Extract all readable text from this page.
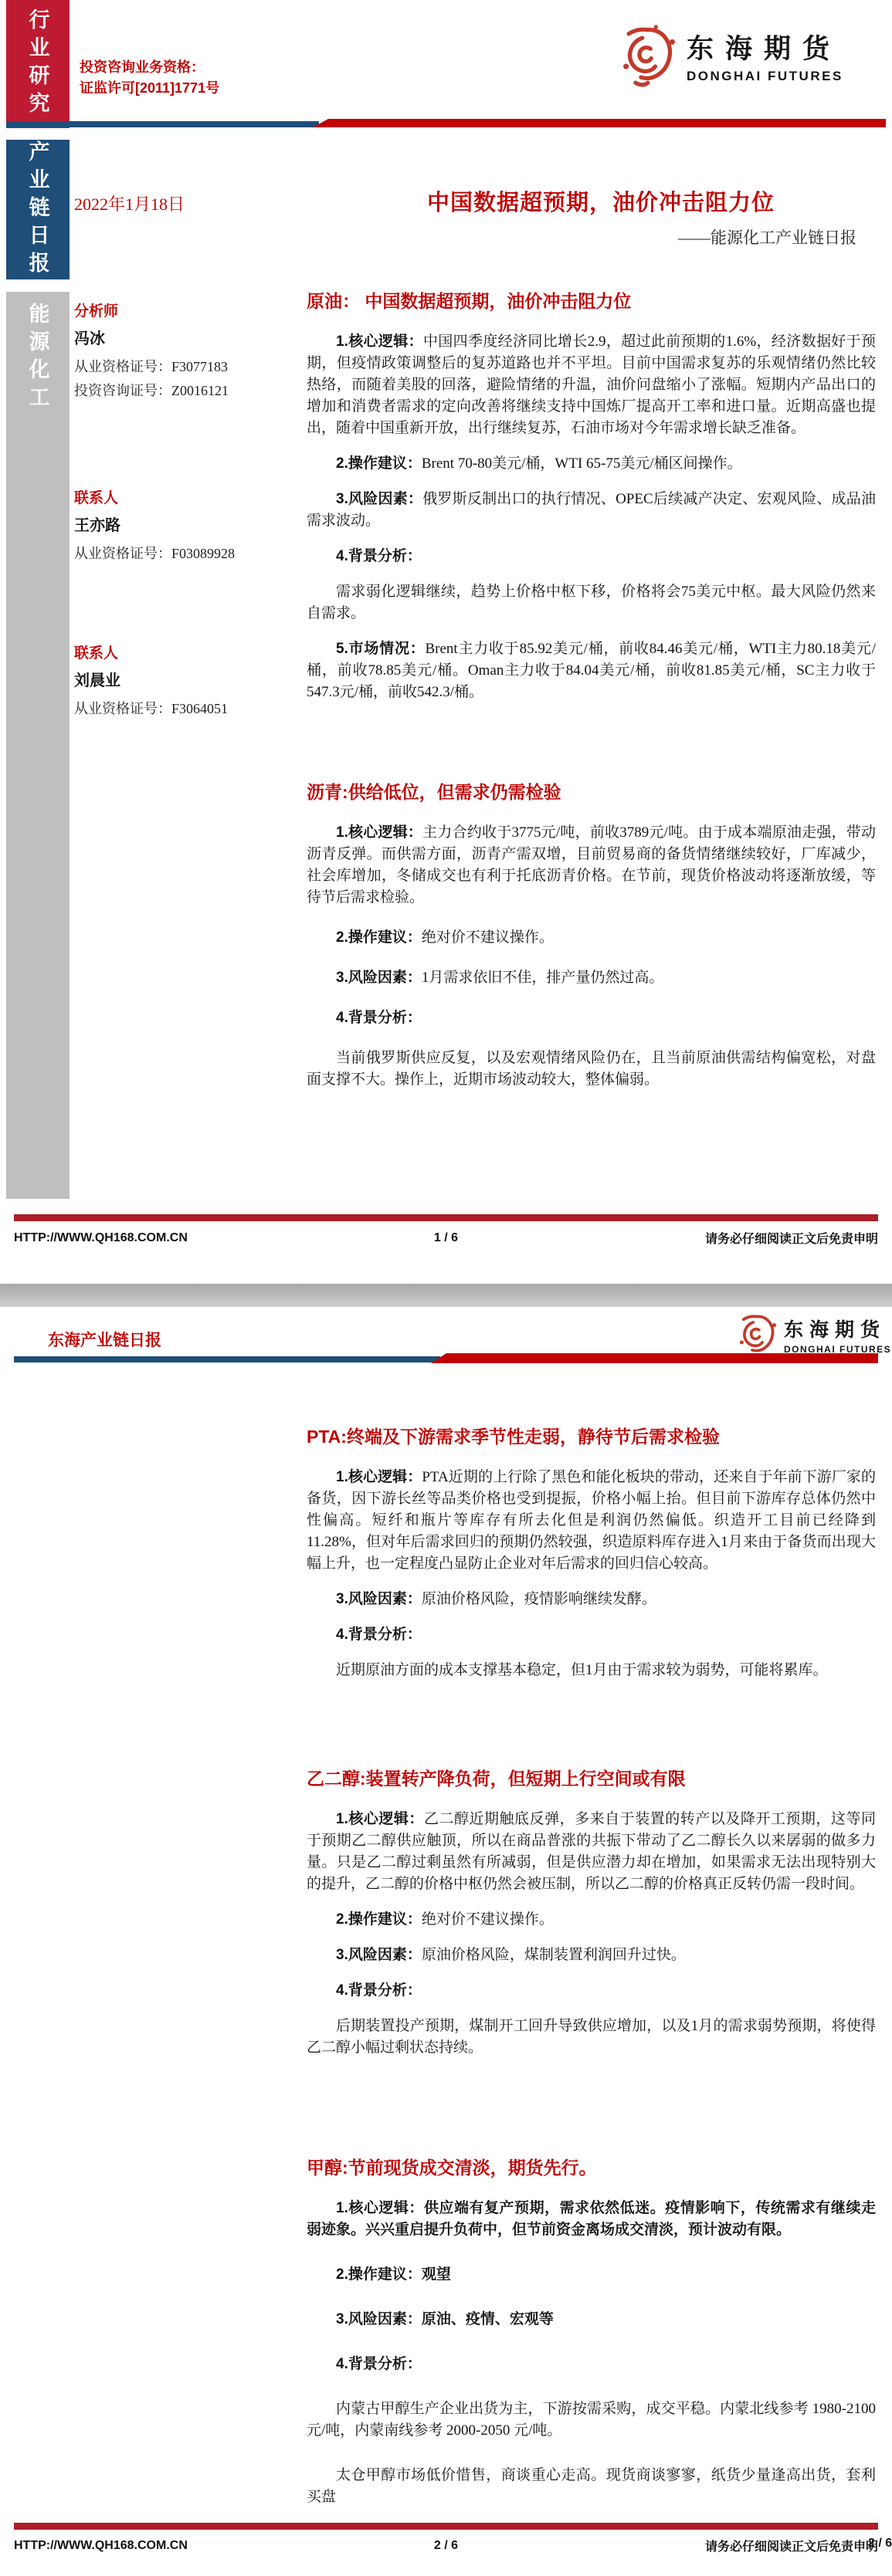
行业研究 投资咨询业务资格：
证监许可[2011]1771号
东海期货
DONGHAI FUTURES
产业链日报 2022年1月18日	中国数据超预期，油价冲击阻力位
——能源化工产业链日报
能源化工 分析师
冯冰
从业资格证号：F3077183
投资咨询证号：Z0016121
联系人
王亦路
从业资格证号：F03089928
联系人
刘晨业
从业资格证号：F3064051
原油： 中国数据超预期，油价冲击阻力位

1.核心逻辑：中国四季度经济同比增长2.9，超过此前预期的1.6%，经济数据好于预期，但疫情政策调整后的复苏道路也并不平坦。目前中国需求复苏的乐观情绪仍然比较热络，而随着美股的回落，避险情绪的升温，油价问盘缩小了涨幅。短期内产品出口的增加和消费者需求的定向改善将继续支持中国炼厂提高开工率和进口量。近期高盛也提出，随着中国重新开放，出行继续复苏，石油市场对今年需求增长缺乏准备。

2.操作建议：Brent 70-80美元/桶，WTI 65-75美元/桶区间操作。

3.风险因素：俄罗斯反制出口的执行情况、OPEC后续减产决定、宏观风险、成品油需求波动。

4.背景分析：

需求弱化逻辑继续，趋势上价格中枢下移，价格将会75美元中枢。最大风险仍然来自需求。

5.市场情况：Brent主力收于85.92美元/桶，前收84.46美元/桶，WTI主力80.18美元/桶，前收78.85美元/桶。Oman主力收于84.04美元/桶，前收81.85美元/桶，SC主力收于547.3元/桶，前收542.3/桶。

沥青:供给低位，但需求仍需检验

1.核心逻辑：主力合约收于3775元/吨，前收3789元/吨。由于成本端原油走强，带动沥青反弹。而供需方面，沥青产需双增，目前贸易商的备货情绪继续较好，厂库减少，社会库增加，冬储成交也有利于托底沥青价格。在节前，现货价格波动将逐渐放缓，等待节后需求检验。

2.操作建议：绝对价不建议操作。

3.风险因素：1月需求依旧不佳，排产量仍然过高。

4.背景分析：

当前俄罗斯供应反复，以及宏观情绪风险仍在，且当前原油供需结构偏宽松，对盘面支撑不大。操作上，近期市场波动较大，整体偏弱。

HTTP://WWW.QH168.COM.CN	1 / 6	请务必仔细阅读正文后免责申明
东海产业链日报	东海期货
DONGHAI FUTURES
PTA:终端及下游需求季节性走弱，静待节后需求检验

1.核心逻辑：PTA近期的上行除了黑色和能化板块的带动，还来自于年前下游厂家的备货，因下游长丝等品类价格也受到提振，价格小幅上抬。但目前下游库存总体仍然中性偏高。短纤和瓶片等库存有所去化但是利润仍然偏低。织造开工目前已经降到11.28%，但对年后需求回归的预期仍然较强，织造原料库存进入1月来由于备货而出现大幅上升，也一定程度凸显防止企业对年后需求的回归信心较高。

3.风险因素：原油价格风险，疫情影响继续发酵。

4.背景分析：

近期原油方面的成本支撑基本稳定，但1月由于需求较为弱势，可能将累库。

乙二醇:装置转产降负荷，但短期上行空间或有限

1.核心逻辑：乙二醇近期触底反弹，多来自于装置的转产以及降开工预期，这等同于预期乙二醇供应触顶，所以在商品普涨的共振下带动了乙二醇长久以来孱弱的做多力量。只是乙二醇过剩虽然有所减弱，但是供应潜力却在增加，如果需求无法出现特别大的提升，乙二醇的价格中枢仍然会被压制，所以乙二醇的价格真正反转仍需一段时间。

2.操作建议：绝对价不建议操作。

3.风险因素：原油价格风险，煤制装置利润回升过快。

4.背景分析：

后期装置投产预期，煤制开工回升导致供应增加，以及1月的需求弱势预期，将使得乙二醇小幅过剩状态持续。

甲醇:节前现货成交清淡，期货先行。

1.核心逻辑：供应端有复产预期，需求依然低迷。疫情影响下，传统需求有继续走弱迹象。兴兴重启提升负荷中，但节前资金离场成交清淡，预计波动有限。

2.操作建议：观望

3.风险因素：原油、疫情、宏观等

4.背景分析：

内蒙古甲醇生产企业出货为主，下游按需采购，成交平稳。内蒙北线参考 1980-2100 元/吨，内蒙南线参考 2000-2050 元/吨。

太仓甲醇市场低价惜售，商谈重心走高。现货商谈寥寥，纸货少量逢高出货，套利买盘

HTTP://WWW.QH168.COM.CN	2 / 6	请务必仔细阅读正文后免责申明
2 / 6
